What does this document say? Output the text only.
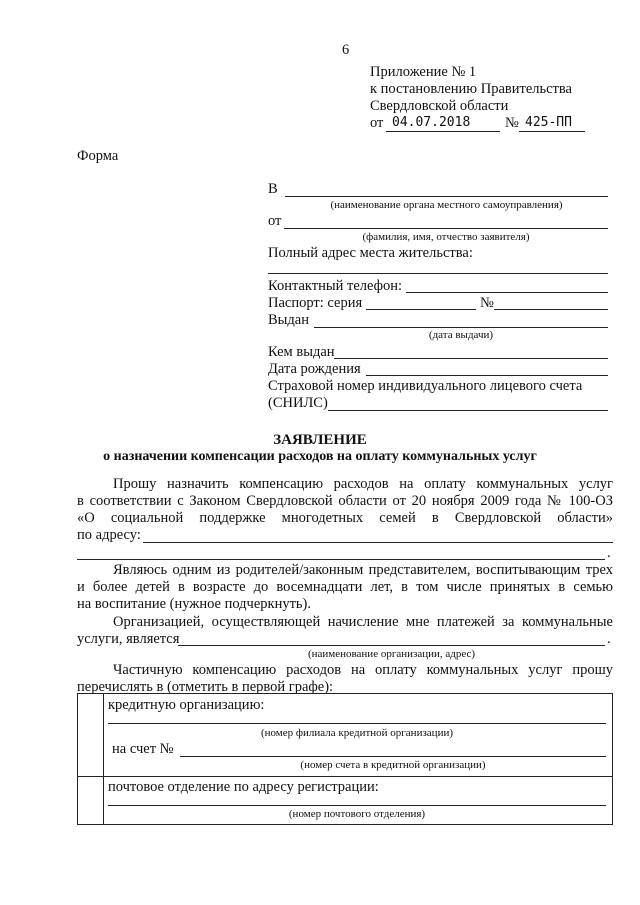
6
Приложение № 1
к постановлению Правительства
Свердловской области
от 04.07.2018 № 425-ПП
Форма
В
(наименование органа местного самоуправления)
от
(фамилия, имя, отчество заявителя)
Полный адрес места жительства:
Контактный телефон:
Паспорт: серия	№
Выдан
(дата выдачи)
Кем выдан
Дата рождения
Страховой номер индивидуального лицевого счета
(СНИЛС)
ЗАЯВЛЕНИЕ
о назначении компенсации расходов на оплату коммунальных услуг
Прошу назначить компенсацию расходов на оплату коммунальных услуг
в соответствии с Законом Свердловской области от 20 ноября 2009 года № 100-ОЗ
«О социальной поддержке многодетных семей в Свердловской области»
по адресу:
.
Являюсь одним из родителей/законным представителем, воспитывающим трех
и более детей в возрасте до восемнадцати лет, в том числе принятых в семью
на воспитание (нужное подчеркнуть).
Организацией, осуществляющей начисление мне платежей за коммунальные
услуги, является	.
(наименование организации, адрес)
Частичную компенсацию расходов на оплату коммунальных услуг прошу
перечислять в (отметить в первой графе):
кредитную организацию:
(номер филиала кредитной организации)
на счет №
(номер счета в кредитной организации)
почтовое отделение по адресу регистрации:
(номер почтового отделения)
